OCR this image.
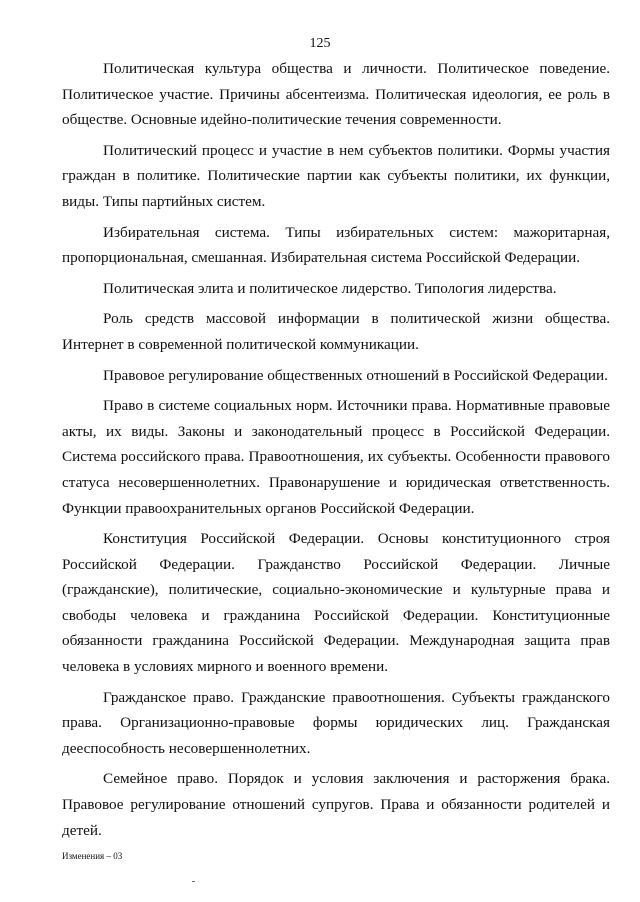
125

Политическая культура общества и личности. Политическое поведение. Политическое участие. Причины абсентеизма. Политическая идеология, ее роль в обществе. Основные идейно-политические течения современности.

Политический процесс и участие в нем субъектов политики. Формы участия граждан в политике. Политические партии как субъекты политики, их функции, виды. Типы партийных систем.

Избирательная система. Типы избирательных систем: мажоритарная, пропорциональная, смешанная. Избирательная система Российской Федерации.

Политическая элита и политическое лидерство. Типология лидерства.

Роль средств массовой информации в политической жизни общества. Интернет в современной политической коммуникации.

Правовое регулирование общественных отношений в Российской Федерации.

Право в системе социальных норм. Источники права. Нормативные правовые акты, их виды. Законы и законодательный процесс в Российской Федерации. Система российского права. Правоотношения, их субъекты. Особенности правового статуса несовершеннолетних. Правонарушение и юридическая ответственность. Функции правоохранительных органов Российской Федерации.

Конституция Российской Федерации. Основы конституционного строя Российской Федерации. Гражданство Российской Федерации. Личные (гражданские), политические, социально-экономические и культурные права и свободы человека и гражданина Российской Федерации. Конституционные обязанности гражданина Российской Федерации. Международная защита прав человека в условиях мирного и военного времени.

Гражданское право. Гражданские правоотношения. Субъекты гражданского права. Организационно-правовые формы юридических лиц. Гражданская дееспособность несовершеннолетних.

Семейное право. Порядок и условия заключения и расторжения брака. Правовое регулирование отношений супругов. Права и обязанности родителей и детей.

Изменения – 03
